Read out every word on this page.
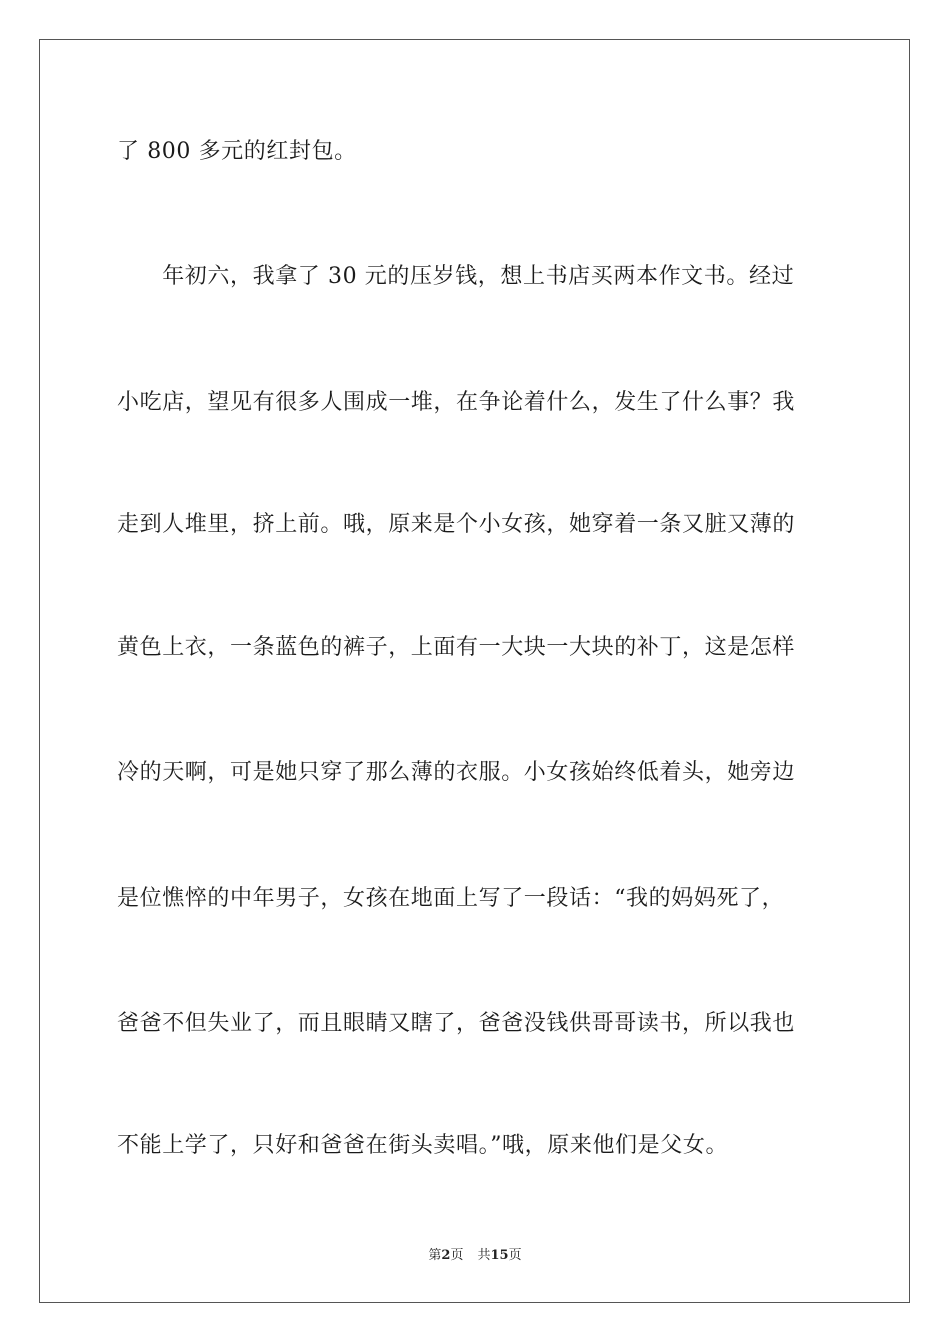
了 800 多元的红封包。
　　年初六，我拿了 30 元的压岁钱，想上书店买两本作文书。经过
小吃店，望见有很多人围成一堆，在争论着什么，发生了什么事？我
走到人堆里，挤上前。哦，原来是个小女孩，她穿着一条又脏又薄的
黄色上衣，一条蓝色的裤子，上面有一大块一大块的补丁，这是怎样
冷的天啊，可是她只穿了那么薄的衣服。小女孩始终低着头，她旁边
是位憔悴的中年男子，女孩在地面上写了一段话：“我的妈妈死了，
爸爸不但失业了，而且眼睛又瞎了，爸爸没钱供哥哥读书，所以我也
不能上学了，只好和爸爸在街头卖唱。”哦，原来他们是父女。
第2页 共15页
